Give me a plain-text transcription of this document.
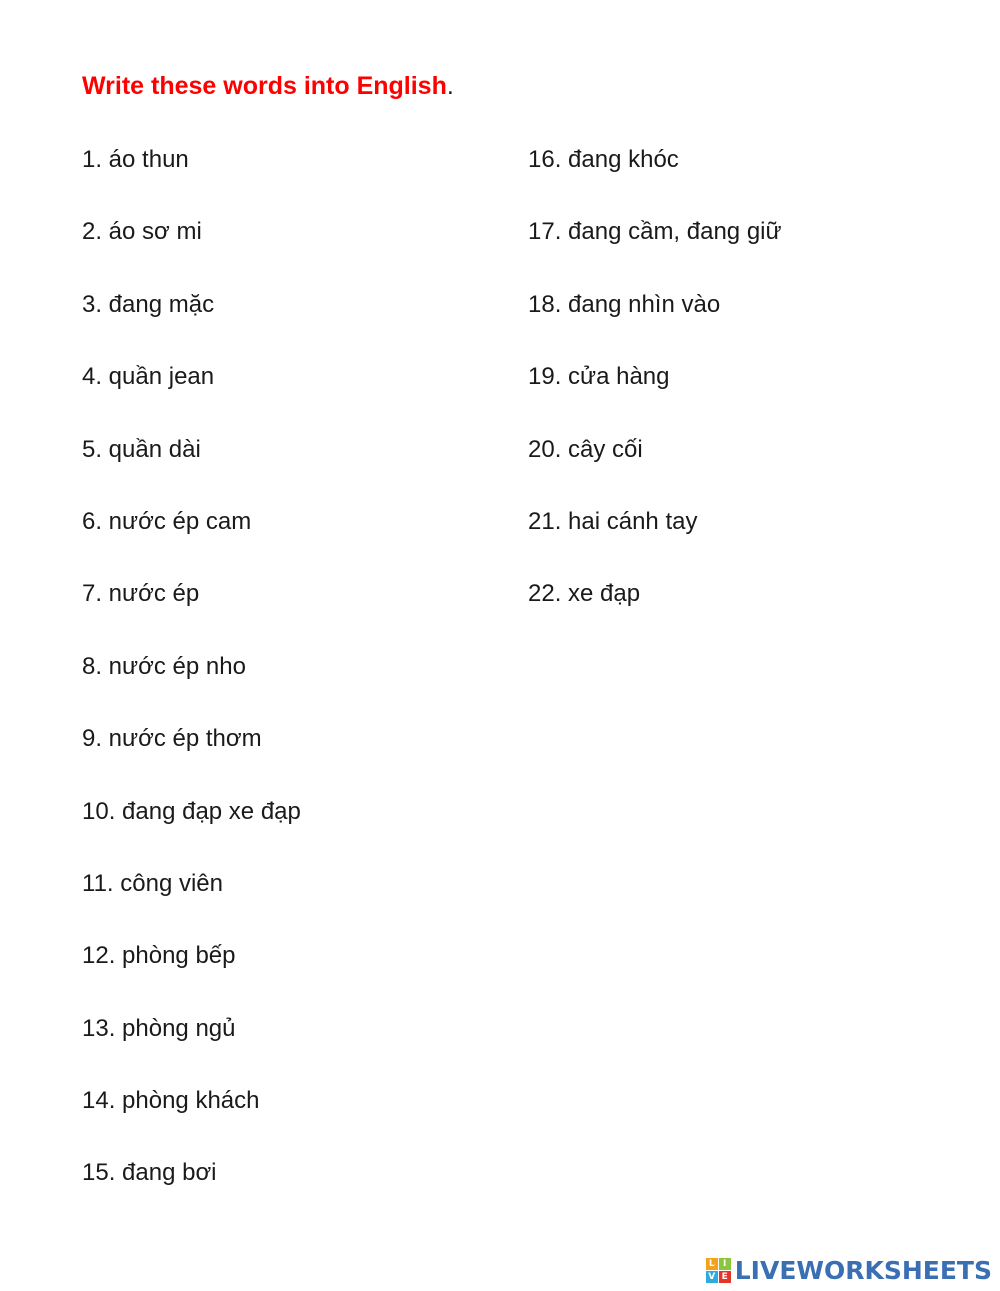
Write these words into English.
1. áo thun
2. áo sơ mi
3. đang mặc
4. quần jean
5. quần dài
6. nước ép cam
7. nước ép
8. nước ép nho
9. nước ép thơm
10. đang đạp xe đạp
11. công viên
12. phòng bếp
13. phòng ngủ
14. phòng khách
15. đang bơi
16. đang khóc
17. đang cầm, đang giữ
18. đang nhìn vào
19. cửa hàng
20. cây cối
21. hai cánh tay
22. xe đạp
L I
V E LIVEWORKSHEETS
